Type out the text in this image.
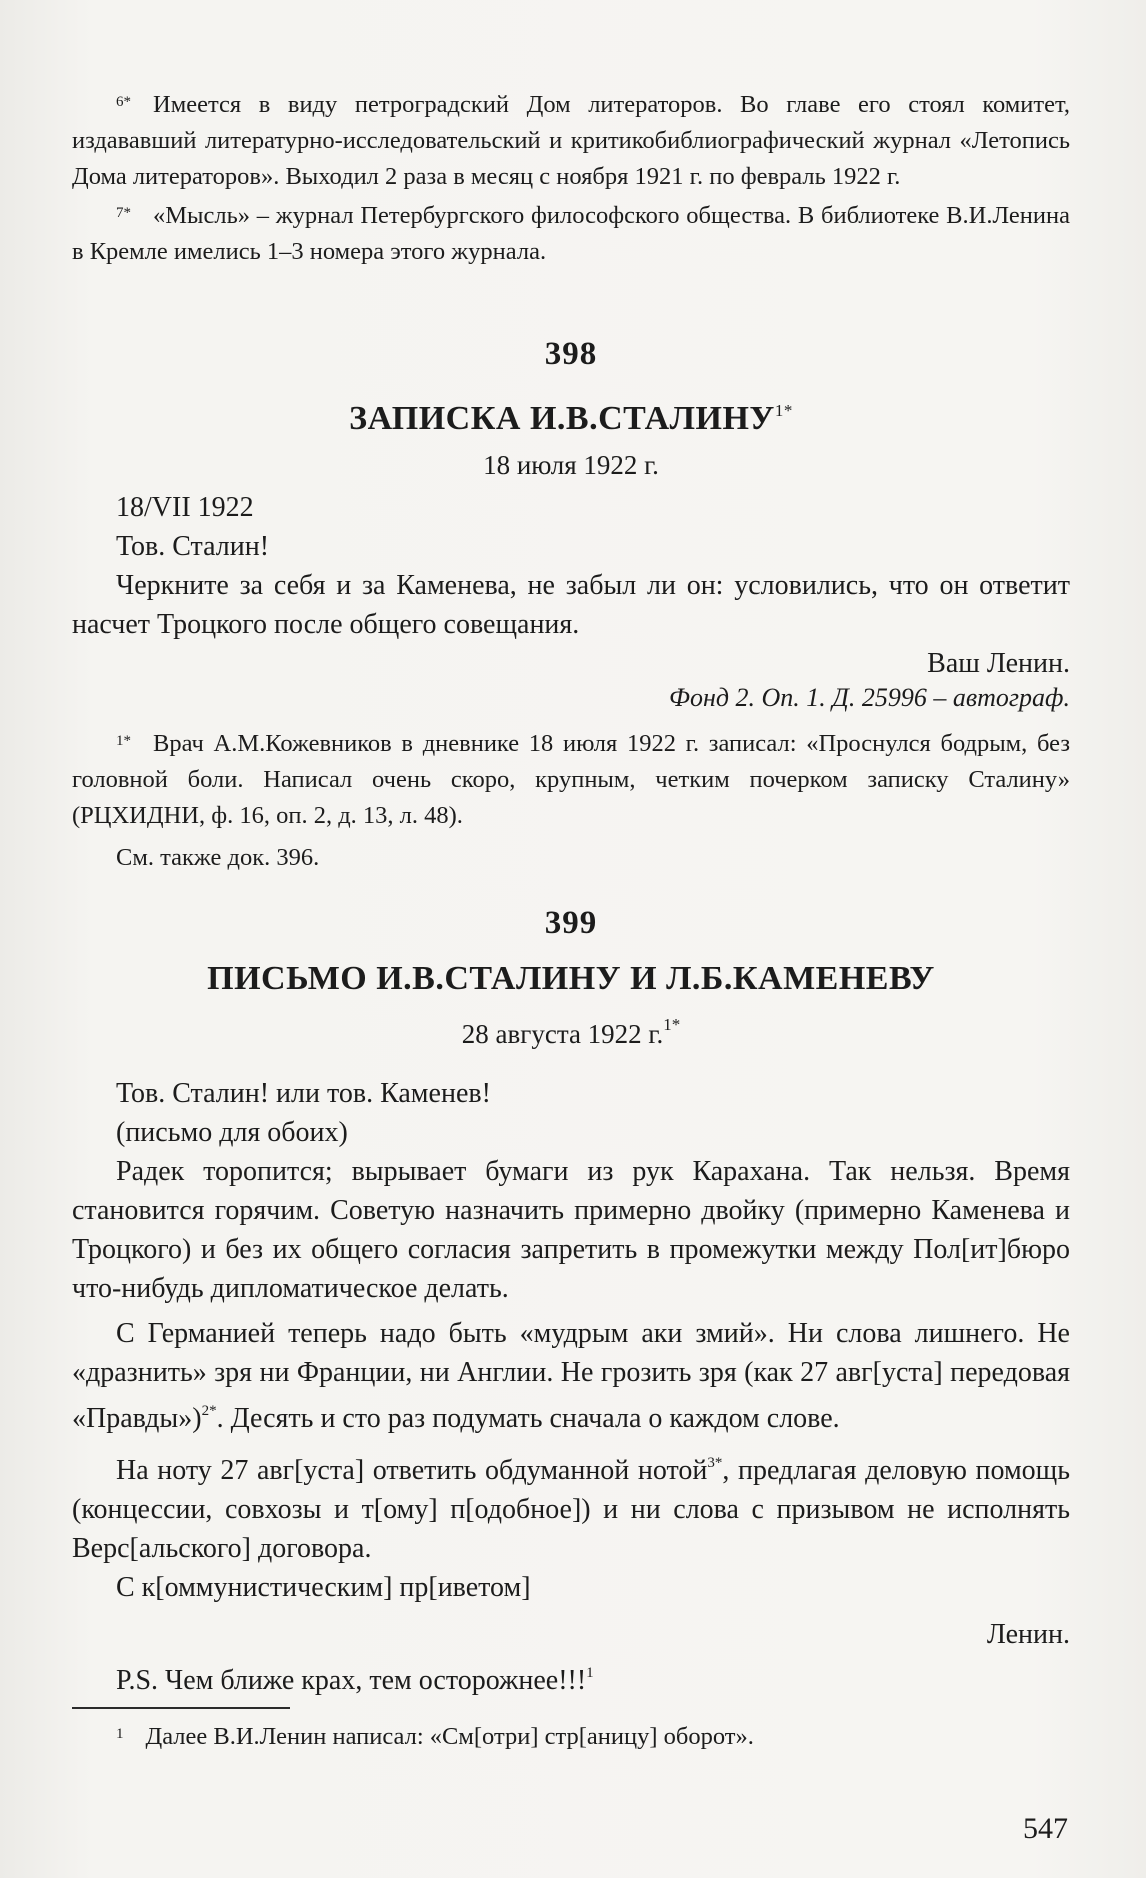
$^{6*}$ Имеется в виду петроградский Дом литераторов. Во главе его стоял комитет, издававший литературно-исследовательский и критикобиблиографический журнал «Летопись Дома литераторов». Выходил 2 раза в месяц с ноября 1921 г. по февраль 1922 г.
$^{7*}$ «Мысль» – журнал Петербургского философского общества. В библиотеке В.И.Ленина в Кремле имелись 1–3 номера этого журнала.
398
ЗАПИСКА $И.В.СТАЛИНУ^{1*}$
18 июля 1922 г.
18/VII 1922
Тов. Сталин!
Черкните за себя и за Каменева, не забыл ли он: условились, что он ответит насчет Троцкого после общего совещания.
Ваш Ленин.
Фонд 2. Оп. 1. Д. 25996 – автограф.
$^{1*}$ Врач А.М.Кожевников в дневнике 18 июля 1922 г. записал: «Проснулся бодрым, без головной боли. Написал очень скоро, крупным, четким почерком записку Сталину» (РЦХИДНИ, ф. 16, оп. 2, д. 13, л. 48).
См. также док. 396.
399
ПИСЬМО И.В.СТАЛИНУ И Л.Б.КАМЕНЕВУ
28 августа 1922 г.$^{1*}$
Тов. Сталин! или тов. Каменев!
(письмо для обоих)
Радек торопится; вырывает бумаги из рук Карахана. Так нельзя. Время становится горячим. Советую назначить примерно двойку (примерно Каменева и Троцкого) и без их общего согласия запретить в промежутки между Пол[ит]бюро что-нибудь дипломатическое делать.
С Германией теперь надо быть «мудрым аки змий». Ни слова лишнего. Не «дразнить» зря ни Франции, ни Англии. Не грозить зря (как 27 авг[уста] передовая «Правды»)$^{2*}$. Десять и сто раз подумать сначала о каждом слове.
На ноту 27 авг[уста] ответить обдуманной нотой$^{3*}$, предлагая деловую помощь (концессии, совхозы и т[ому] п[одобное]) и ни слова с призывом не исполнять Верс[альского] договора.
С к[оммунистическим] пр[иветом]
Ленин.
P.S. Чем ближе крах, тем осторожнее!!!$^1$
$^1$ Далее В.И.Ленин написал: «См[отри] стр[аницу] оборот».
547
